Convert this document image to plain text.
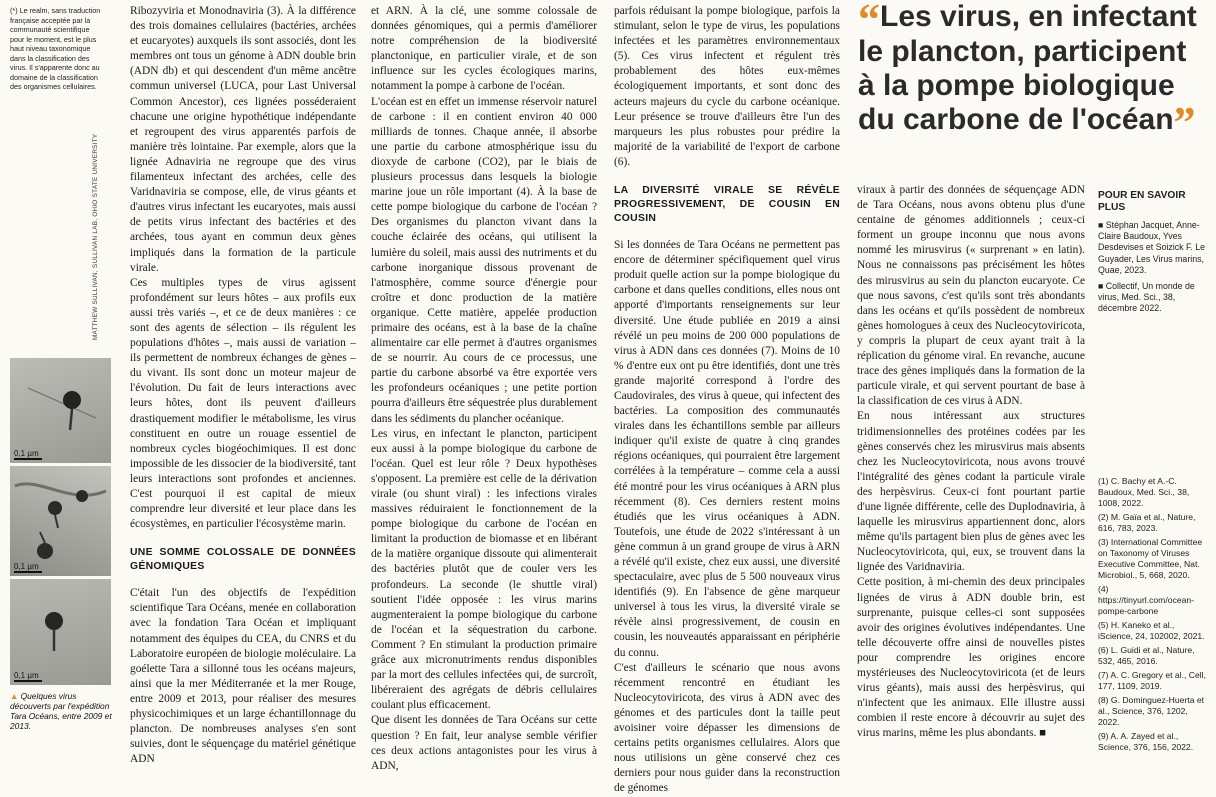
(*) Le realm, sans traduction française acceptée par la communauté scientifique pour le moment, est le plus haut niveau taxonomique dans la classification des virus. Il s'apparente donc au domaine de la classification des organismes cellulaires.
MATTHEW SULLIVAN, SULLIVAN LAB, OHIO STATE UNIVERSITY
0,1 µm
0,1 µm
0,1 µm
▲ Quelques virus découverts par l'expédition Tara Océans, entre 2009 et 2013.

Ribozyviria et Monodnaviria (3). À la différence des trois domaines cellulaires (bactéries, archées et eucaryotes) auxquels ils sont associés, dont les membres ont tous un génome à ADN double brin (ADN db) et qui descendent d'un même ancêtre commun universel (LUCA, pour Last Universal Common Ancestor), ces lignées posséderaient chacune une origine hypothétique indépendante et regroupent des virus apparentés parfois de manière très lointaine. Par exemple, alors que la lignée Adnaviria ne regroupe que des virus filamenteux infectant des archées, celle des Varidnaviria se compose, elle, de virus géants et d'autres virus infectant les eucaryotes, mais aussi de petits virus infectant des bactéries et des archées, tous ayant en commun deux gènes impliqués dans la formation de la particule virale.

Ces multiples types de virus agissent profondément sur leurs hôtes – aux profils eux aussi très variés –, et ce de deux manières : ce sont des agents de sélection – ils régulent les populations d'hôtes –, mais aussi de variation – ils permettent de nombreux échanges de gènes – du vivant. Ils sont donc un moteur majeur de l'évolution. Du fait de leurs interactions avec leurs hôtes, dont ils peuvent d'ailleurs drastiquement modifier le métabolisme, les virus constituent en outre un rouage essentiel de nombreux cycles biogéochimiques. Il est donc impossible de les dissocier de la biodiversité, tant leurs interactions sont profondes et anciennes. C'est pourquoi il est capital de mieux comprendre leur diversité et leur place dans les écosystèmes, en particulier l'écosystème marin.

UNE SOMME COLOSSALE DE DONNÉES GÉNOMIQUES

C'était l'un des objectifs de l'expédition scientifique Tara Océans, menée en collaboration avec la fondation Tara Océan et impliquant notamment des équipes du CEA, du CNRS et du Laboratoire européen de biologie moléculaire. La goélette Tara a sillonné tous les océans majeurs, ainsi que la mer Méditerranée et la mer Rouge, entre 2009 et 2013, pour réaliser des mesures physicochimiques et un large échantillonnage du plancton. De nombreuses analyses s'en sont suivies, dont le séquençage du matériel génétique ADN

et ARN. À la clé, une somme colossale de données génomiques, qui a permis d'améliorer notre compréhension de la biodiversité planctonique, en particulier virale, et de son influence sur les cycles écologiques marins, notamment la pompe à carbone de l'océan.

L'océan est en effet un immense réservoir naturel de carbone : il en contient environ 40 000 milliards de tonnes. Chaque année, il absorbe une partie du carbone atmosphérique issu du dioxyde de carbone (CO2), par le biais de plusieurs processus dans lesquels la biologie marine joue un rôle important (4). À la base de cette pompe biologique du carbone de l'océan ? Des organismes du plancton vivant dans la couche éclairée des océans, qui utilisent la lumière du soleil, mais aussi des nutriments et du carbone inorganique dissous provenant de l'atmosphère, comme source d'énergie pour croître et donc production de la matière organique. Cette matière, appelée production primaire des océans, est à la base de la chaîne alimentaire car elle permet à d'autres organismes de se nourrir. Au cours de ce processus, une partie du carbone absorbé va être exportée vers les profondeurs océaniques ; une petite portion pourra d'ailleurs être séquestrée plus durablement dans les sédiments du plancher océanique.

Les virus, en infectant le plancton, participent eux aussi à la pompe biologique du carbone de l'océan. Quel est leur rôle ? Deux hypothèses s'opposent. La première est celle de la dérivation virale (ou shunt viral) : les infections virales massives réduiraient le fonctionnement de la pompe biologique du carbone de l'océan en limitant la production de biomasse et en libérant de la matière organique dissoute qui alimenterait des bactéries plutôt que de couler vers les profondeurs. La seconde (le shuttle viral) soutient l'idée opposée : les virus marins augmenteraient la pompe biologique du carbone de l'océan et la séquestration du carbone. Comment ? En stimulant la production primaire grâce aux micronutriments rendus disponibles par la mort des cellules infectées qui, de surcroît, libéreraient des agrégats de débris cellulaires coulant plus efficacement.

Que disent les données de Tara Océans sur cette question ? En fait, leur analyse semble vérifier ces deux actions antagonistes pour les virus à ADN,

parfois réduisant la pompe biologique, parfois la stimulant, selon le type de virus, les populations infectées et les paramètres environnementaux (5). Ces virus infectent et régulent très probablement des hôtes eux-mêmes écologiquement importants, et sont donc des acteurs majeurs du cycle du carbone océanique. Leur présence se trouve d'ailleurs être l'un des marqueurs les plus robustes pour prédire la majorité de la variabilité de l'export de carbone (6).

LA DIVERSITÉ VIRALE SE RÉVÈLE PROGRESSIVEMENT, DE COUSIN EN COUSIN

Si les données de Tara Océans ne permettent pas encore de déterminer spécifiquement quel virus produit quelle action sur la pompe biologique du carbone et dans quelles conditions, elles nous ont apporté d'importants renseignements sur leur diversité. Une étude publiée en 2019 a ainsi révélé un peu moins de 200 000 populations de virus à ADN dans ces données (7). Moins de 10 % d'entre eux ont pu être identifiés, dont une très grande majorité correspond à l'ordre des Caudovirales, des virus à queue, qui infectent des bactéries. La composition des communautés virales dans les échantillons semble par ailleurs indiquer qu'il existe de quatre à cinq grandes régions océaniques, qui pourraient être largement corrélées à la température – comme cela a aussi été montré pour les virus océaniques à ARN plus récemment (8). Ces derniers restent moins étudiés que les virus océaniques à ADN. Toutefois, une étude de 2022 s'intéressant à un gène commun à un grand groupe de virus à ARN a révélé qu'il existe, chez eux aussi, une diversité spectaculaire, avec plus de 5 500 nouveaux virus identifiés (9). En l'absence de gène marqueur universel à tous les virus, la diversité virale se révèle ainsi progressivement, de cousin en cousin, les nouveautés apparaissant en périphérie du connu.

C'est d'ailleurs le scénario que nous avons récemment rencontré en étudiant les Nucleocytoviricota, des virus à ADN avec des génomes et des particules dont la taille peut avoisiner voire dépasser les dimensions de certains petits organismes cellulaires. Alors que nous utilisions un gène conservé chez ces derniers pour nous guider dans la reconstruction de génomes

“Les virus, en infectant le plancton, participent à la pompe biologique du carbone de l'océan”

viraux à partir des données de séquençage ADN de Tara Océans, nous avons obtenu plus d'une centaine de génomes additionnels ; ceux-ci forment un groupe inconnu que nous avons nommé les mirusvirus (« surprenant » en latin). Nous ne connaissons pas précisément les hôtes des mirusvirus au sein du plancton eucaryote. Ce que nous savons, c'est qu'ils sont très abondants dans les océans et qu'ils possèdent de nombreux gènes homologues à ceux des Nucleocytoviricota, y compris la plupart de ceux ayant trait à la réplication du génome viral. En revanche, aucune trace des gènes impliqués dans la formation de la particule virale, et qui servent pourtant de base à la classification de ces virus à ADN.

En nous intéressant aux structures tridimensionnelles des protéines codées par les gènes conservés chez les mirusvirus mais absents chez les Nucleocytoviricota, nous avons trouvé l'intégralité des gènes codant la particule virale des herpèsvirus. Ceux-ci font pourtant partie d'une lignée différente, celle des Duplodnaviria, à laquelle les mirusvirus appartiennent donc, alors même qu'ils partagent bien plus de gènes avec les Nucleocytoviricota, qui, eux, se trouvent dans la lignée des Varidnaviria.

Cette position, à mi-chemin des deux principales lignées de virus à ADN double brin, est surprenante, puisque celles-ci sont supposées avoir des origines évolutives indépendantes. Une telle découverte offre ainsi de nouvelles pistes pour comprendre les origines encore mystérieuses des Nucleocytoviricota (et de leurs virus géants), mais aussi des herpèsvirus, qui n'infectent que les animaux. Elle illustre aussi combien il reste encore à découvrir au sujet des virus marins, même les plus abondants. ■

POUR EN SAVOIR PLUS
■ Stéphan Jacquet, Anne-Claire Baudoux, Yves Desdevises et Soizick F. Le Guyader, Les Virus marins, Quae, 2023.
■ Collectif, Un monde de virus, Med. Sci., 38, décembre 2022.
(1) C. Bachy et A.-C. Baudoux, Med. Sci., 38, 1008, 2022.
(2) M. Gaïa et al., Nature, 616, 783, 2023.
(3) International Committee on Taxonomy of Viruses Executive Committee, Nat. Microbiol., 5, 668, 2020.
(4) https://tinyurl.com/ocean-pompe-carbone
(5) H. Kaneko et al., iScience, 24, 102002, 2021.
(6) L. Guidi et al., Nature, 532, 465, 2016.
(7) A. C. Gregory et al., Cell, 177, 1109, 2019.
(8) G. Dominguez-Huerta et al., Science, 376, 1202, 2022.
(9) A. A. Zayed et al., Science, 376, 156, 2022.
